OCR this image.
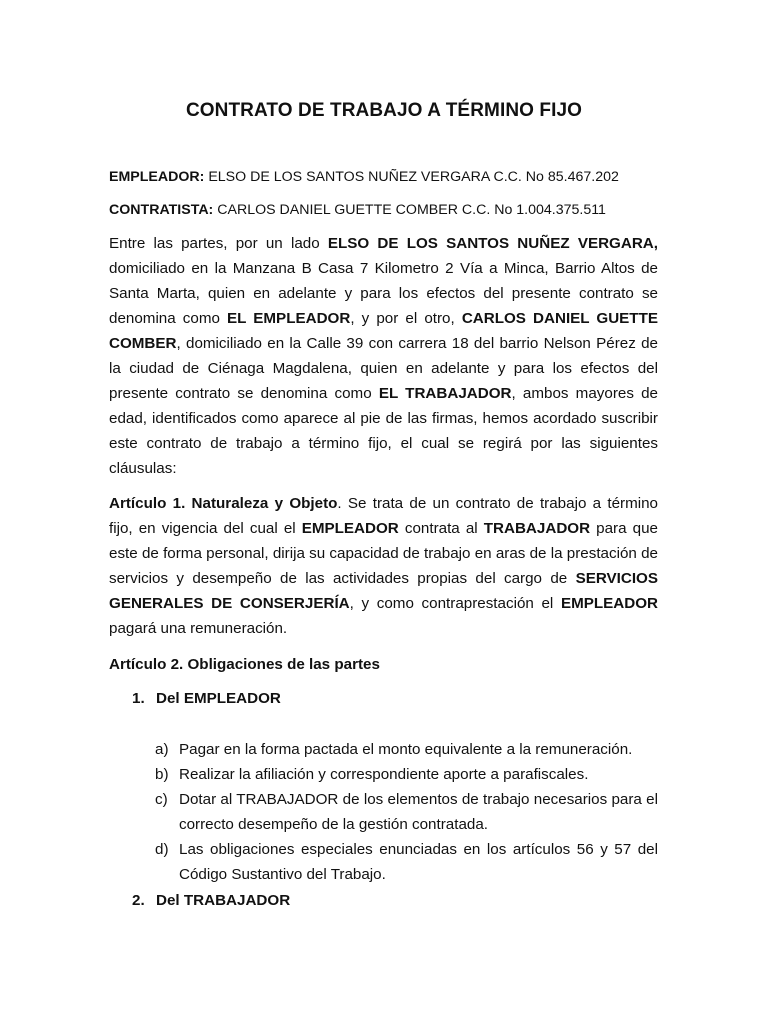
CONTRATO DE TRABAJO A TÉRMINO FIJO
EMPLEADOR: ELSO DE LOS SANTOS NUÑEZ VERGARA C.C. No 85.467.202
CONTRATISTA: CARLOS DANIEL GUETTE COMBER C.C. No 1.004.375.511
Entre las partes, por un lado ELSO DE LOS SANTOS NUÑEZ VERGARA, domiciliado en la Manzana B Casa 7 Kilometro 2 Vía a Minca, Barrio Altos de Santa Marta, quien en adelante y para los efectos del presente contrato se denomina como EL EMPLEADOR, y por el otro, CARLOS DANIEL GUETTE COMBER, domiciliado en la Calle 39 con carrera 18 del barrio Nelson Pérez de la ciudad de Ciénaga Magdalena, quien en adelante y para los efectos del presente contrato se denomina como EL TRABAJADOR, ambos mayores de edad, identificados como aparece al pie de las firmas, hemos acordado suscribir este contrato de trabajo a término fijo, el cual se regirá por las siguientes cláusulas:
Artículo 1. Naturaleza y Objeto. Se trata de un contrato de trabajo a término fijo, en vigencia del cual el EMPLEADOR contrata al TRABAJADOR para que este de forma personal, dirija su capacidad de trabajo en aras de la prestación de servicios y desempeño de las actividades propias del cargo de SERVICIOS GENERALES DE CONSERJERÍA, y como contraprestación el EMPLEADOR pagará una remuneración.
Artículo 2. Obligaciones de las partes
1. Del EMPLEADOR
a) Pagar en la forma pactada el monto equivalente a la remuneración.
b) Realizar la afiliación y correspondiente aporte a parafiscales.
c) Dotar al TRABAJADOR de los elementos de trabajo necesarios para el correcto desempeño de la gestión contratada.
d) Las obligaciones especiales enunciadas en los artículos 56 y 57 del Código Sustantivo del Trabajo.
2. Del TRABAJADOR
